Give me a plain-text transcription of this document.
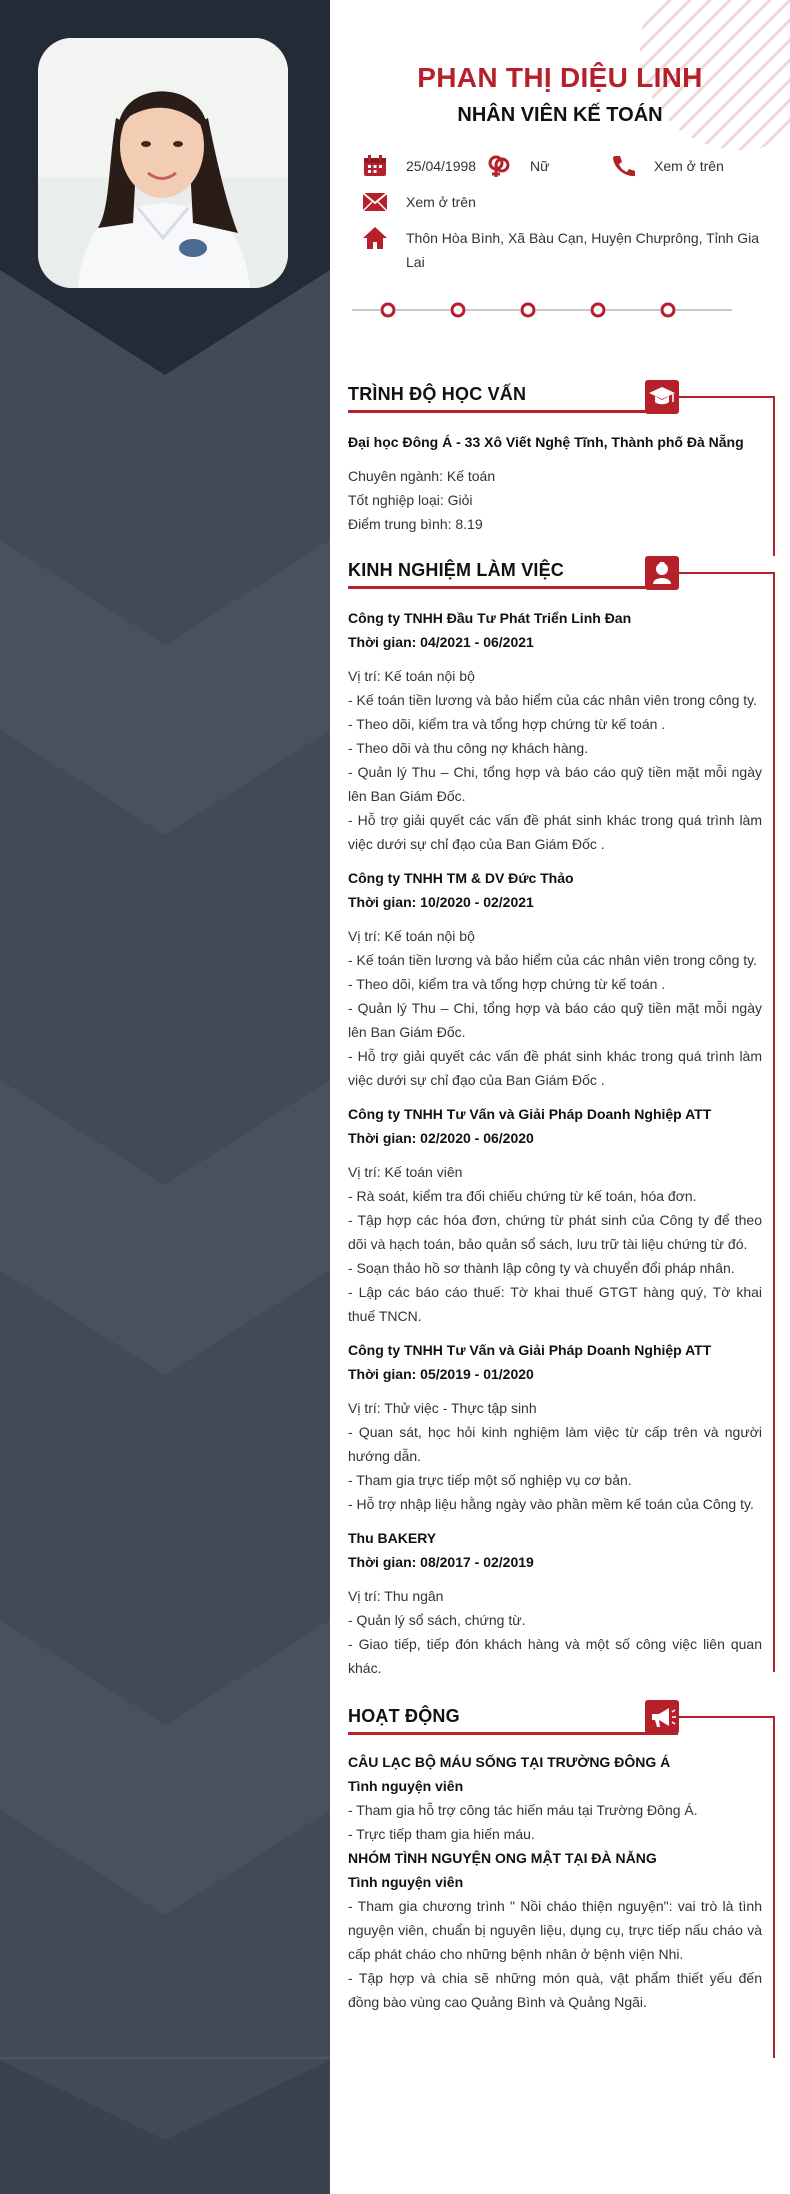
PHAN THỊ DIỆU LINH
NHÂN VIÊN KẾ TOÁN
25/04/1998	Nữ	Xem ở trên
Xem ở trên
Thôn Hòa Bình, Xã Bàu Cạn, Huyện Chưprông, Tỉnh Gia Lai
TRÌNH ĐỘ HỌC VẤN

Đại học Đông Á - 33 Xô Viết Nghệ Tĩnh, Thành phố Đà Nẵng

Chuyên ngành: Kế toán

Tốt nghiệp loại: Giỏi

Điểm trung bình: 8.19

KINH NGHIỆM LÀM VIỆC

Công ty TNHH Đầu Tư Phát Triển Linh Đan

Thời gian: 04/2021 - 06/2021

Vị trí: Kế toán nội bộ

- Kế toán tiền lương và bảo hiểm của các nhân viên trong công ty.

- Theo dõi, kiểm tra và tổng hợp chứng từ kế toán .

- Theo dõi và thu công nợ khách hàng.

- Quản lý Thu – Chi, tổng hợp và báo cáo quỹ tiền mặt mỗi ngày lên Ban Giám Đốc.

- Hỗ trợ giải quyết các vấn đề phát sinh khác trong quá trình làm việc dưới sự chỉ đạo của Ban Giám Đốc .

Công ty TNHH TM & DV Đức Thảo

Thời gian: 10/2020 - 02/2021

Vị trí: Kế toán nội bộ

- Kế toán tiền lương và bảo hiểm của các nhân viên trong công ty.

- Theo dõi, kiểm tra và tổng hợp chứng từ kế toán .

- Quản lý Thu – Chi, tổng hợp và báo cáo quỹ tiền mặt mỗi ngày lên Ban Giám Đốc.

- Hỗ trợ giải quyết các vấn đề phát sinh khác trong quá trình làm việc dưới sự chỉ đạo của Ban Giám Đốc .

Công ty TNHH Tư Vấn và Giải Pháp Doanh Nghiệp ATT

Thời gian: 02/2020 - 06/2020

Vị trí: Kế toán viên

- Rà soát, kiểm tra đối chiếu chứng từ kế toán, hóa đơn.

- Tập hợp các hóa đơn, chứng từ phát sinh của Công ty để theo dõi và hạch toán, bảo quản sổ sách, lưu trữ tài liệu chứng từ đó.

- Soạn thảo hồ sơ thành lập công ty và chuyển đổi pháp nhân.

- Lập các báo cáo thuế: Tờ khai thuế GTGT hàng quý, Tờ khai thuế TNCN.

Công ty TNHH Tư Vấn và Giải Pháp Doanh Nghiệp ATT

Thời gian: 05/2019 - 01/2020

Vị trí: Thử việc - Thực tập sinh

- Quan sát, học hỏi kinh nghiệm làm việc từ cấp trên và người hướng dẫn.

- Tham gia trực tiếp một số nghiệp vụ cơ bản.

- Hỗ trợ nhập liệu hằng ngày vào phần mềm kế toán của Công ty.

Thu BAKERY

Thời gian: 08/2017 - 02/2019

Vị trí: Thu ngân

- Quản lý sổ sách, chứng từ.

- Giao tiếp, tiếp đón khách hàng và một số công việc liên quan khác.

HOẠT ĐỘNG

CÂU LẠC BỘ MÁU SỐNG TẠI TRƯỜNG ĐÔNG Á

Tình nguyện viên

- Tham gia hỗ trợ công tác hiến máu tại Trường Đông Á.

- Trực tiếp tham gia hiến máu.

NHÓM TÌNH NGUYỆN ONG MẬT TẠI ĐÀ NẴNG

Tình nguyện viên

- Tham gia chương trình " Nồi cháo thiện nguyện": vai trò là tình nguyện viên, chuẩn bị nguyên liệu, dụng cụ, trực tiếp nấu cháo và cấp phát cháo cho những bệnh nhân ở bệnh viện Nhi.

- Tập hợp và chia sẽ những món quà, vật phẩm thiết yếu đến đồng bào vùng cao Quảng Bình và Quảng Ngãi.
